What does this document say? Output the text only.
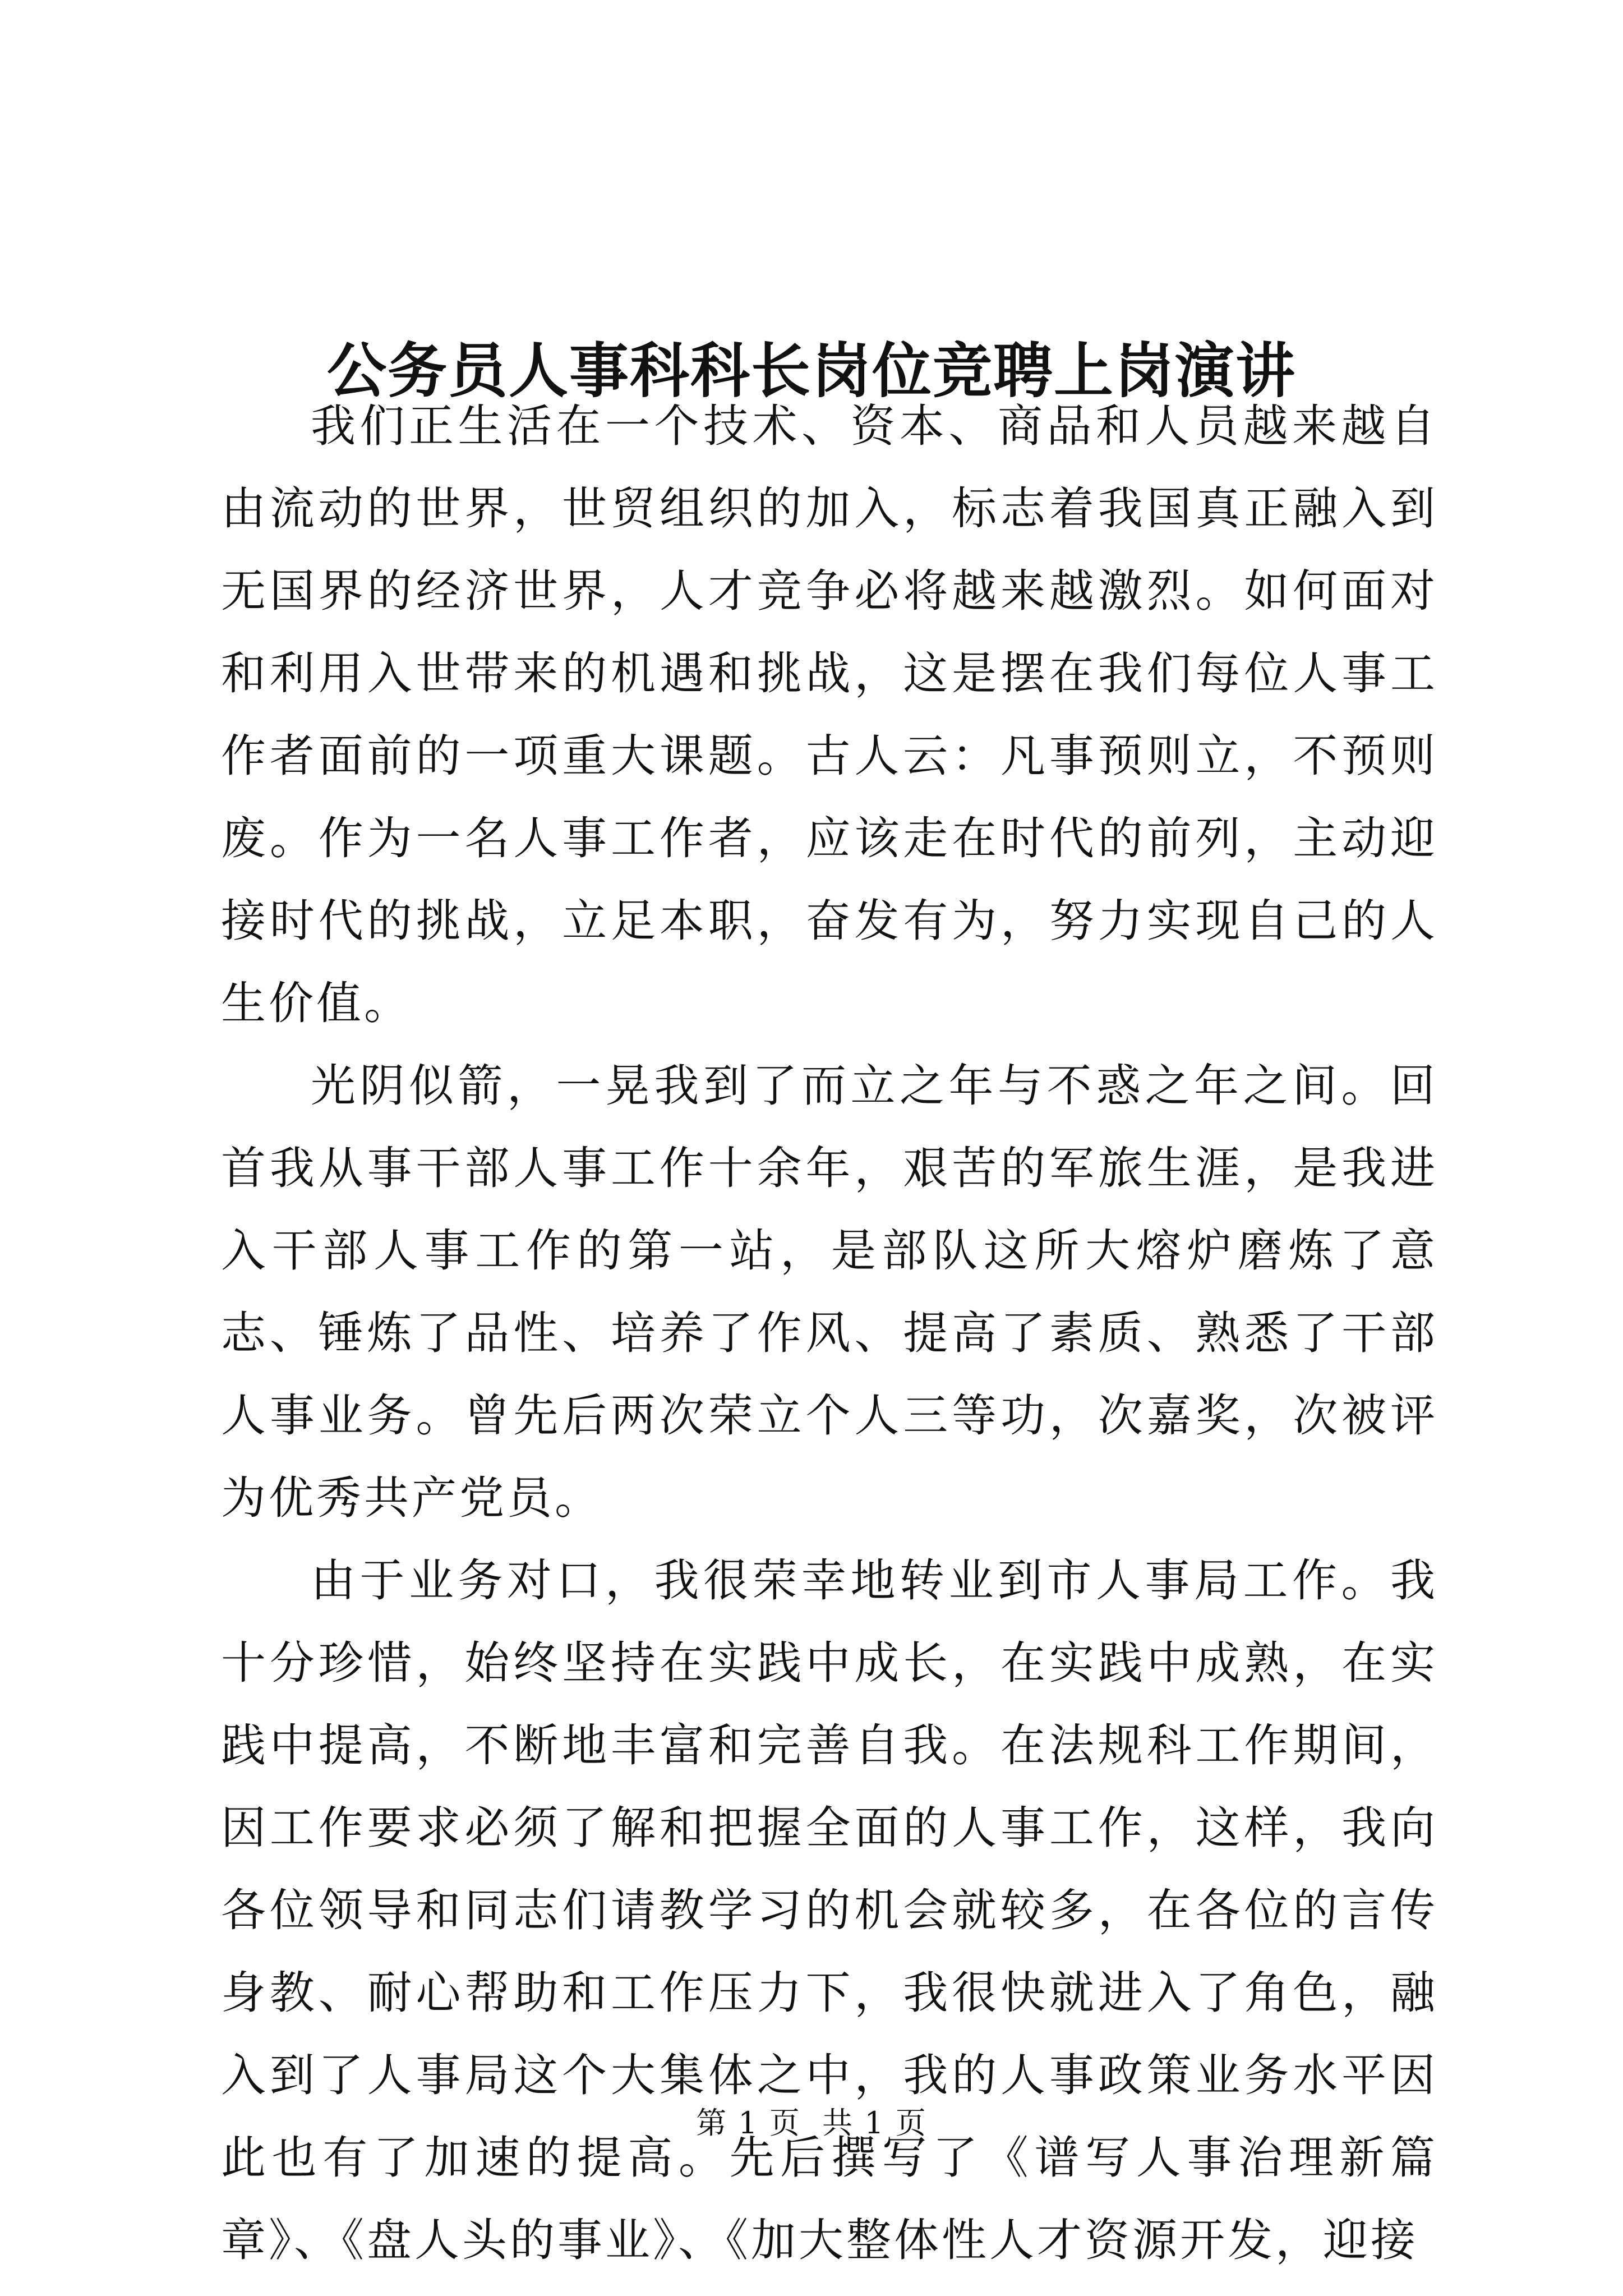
公务员人事科科长岗位竞聘上岗演讲

我们正生活在一个技术、资本、商品和人员越来越自由流动的世界，世贸组织的加入，标志着我国真正融入到无国界的经济世界，人才竞争必将越来越激烈。如何面对和利用入世带来的机遇和挑战，这是摆在我们每位人事工作者面前的一项重大课题。古人云：凡事预则立，不预则废。作为一名人事工作者，应该走在时代的前列，主动迎接时代的挑战，立足本职，奋发有为，努力实现自己的人生价值。

光阴似箭，一晃我到了而立之年与不惑之年之间。回首我从事干部人事工作十余年，艰苦的军旅生涯，是我进入干部人事工作的第一站，是部队这所大熔炉磨炼了意志、锤炼了品性、培养了作风、提高了素质、熟悉了干部人事业务。曾先后两次荣立个人三等功，次嘉奖，次被评为优秀共产党员。

由于业务对口，我很荣幸地转业到市人事局工作。我十分珍惜，始终坚持在实践中成长，在实践中成熟，在实践中提高，不断地丰富和完善自我。在法规科工作期间，因工作要求必须了解和把握全面的人事工作，这样，我向各位领导和同志们请教学习的机会就较多，在各位的言传身教、耐心帮助和工作压力下，我很快就进入了角色，融入到了人事局这个大集体之中，我的人事政策业务水平因此也有了加速的提高。先后撰写了《谱写人事治理新篇章》、《盘人头的事业》、《加大整体性人才资源开发，迎接

第 1 页  共 1 页
